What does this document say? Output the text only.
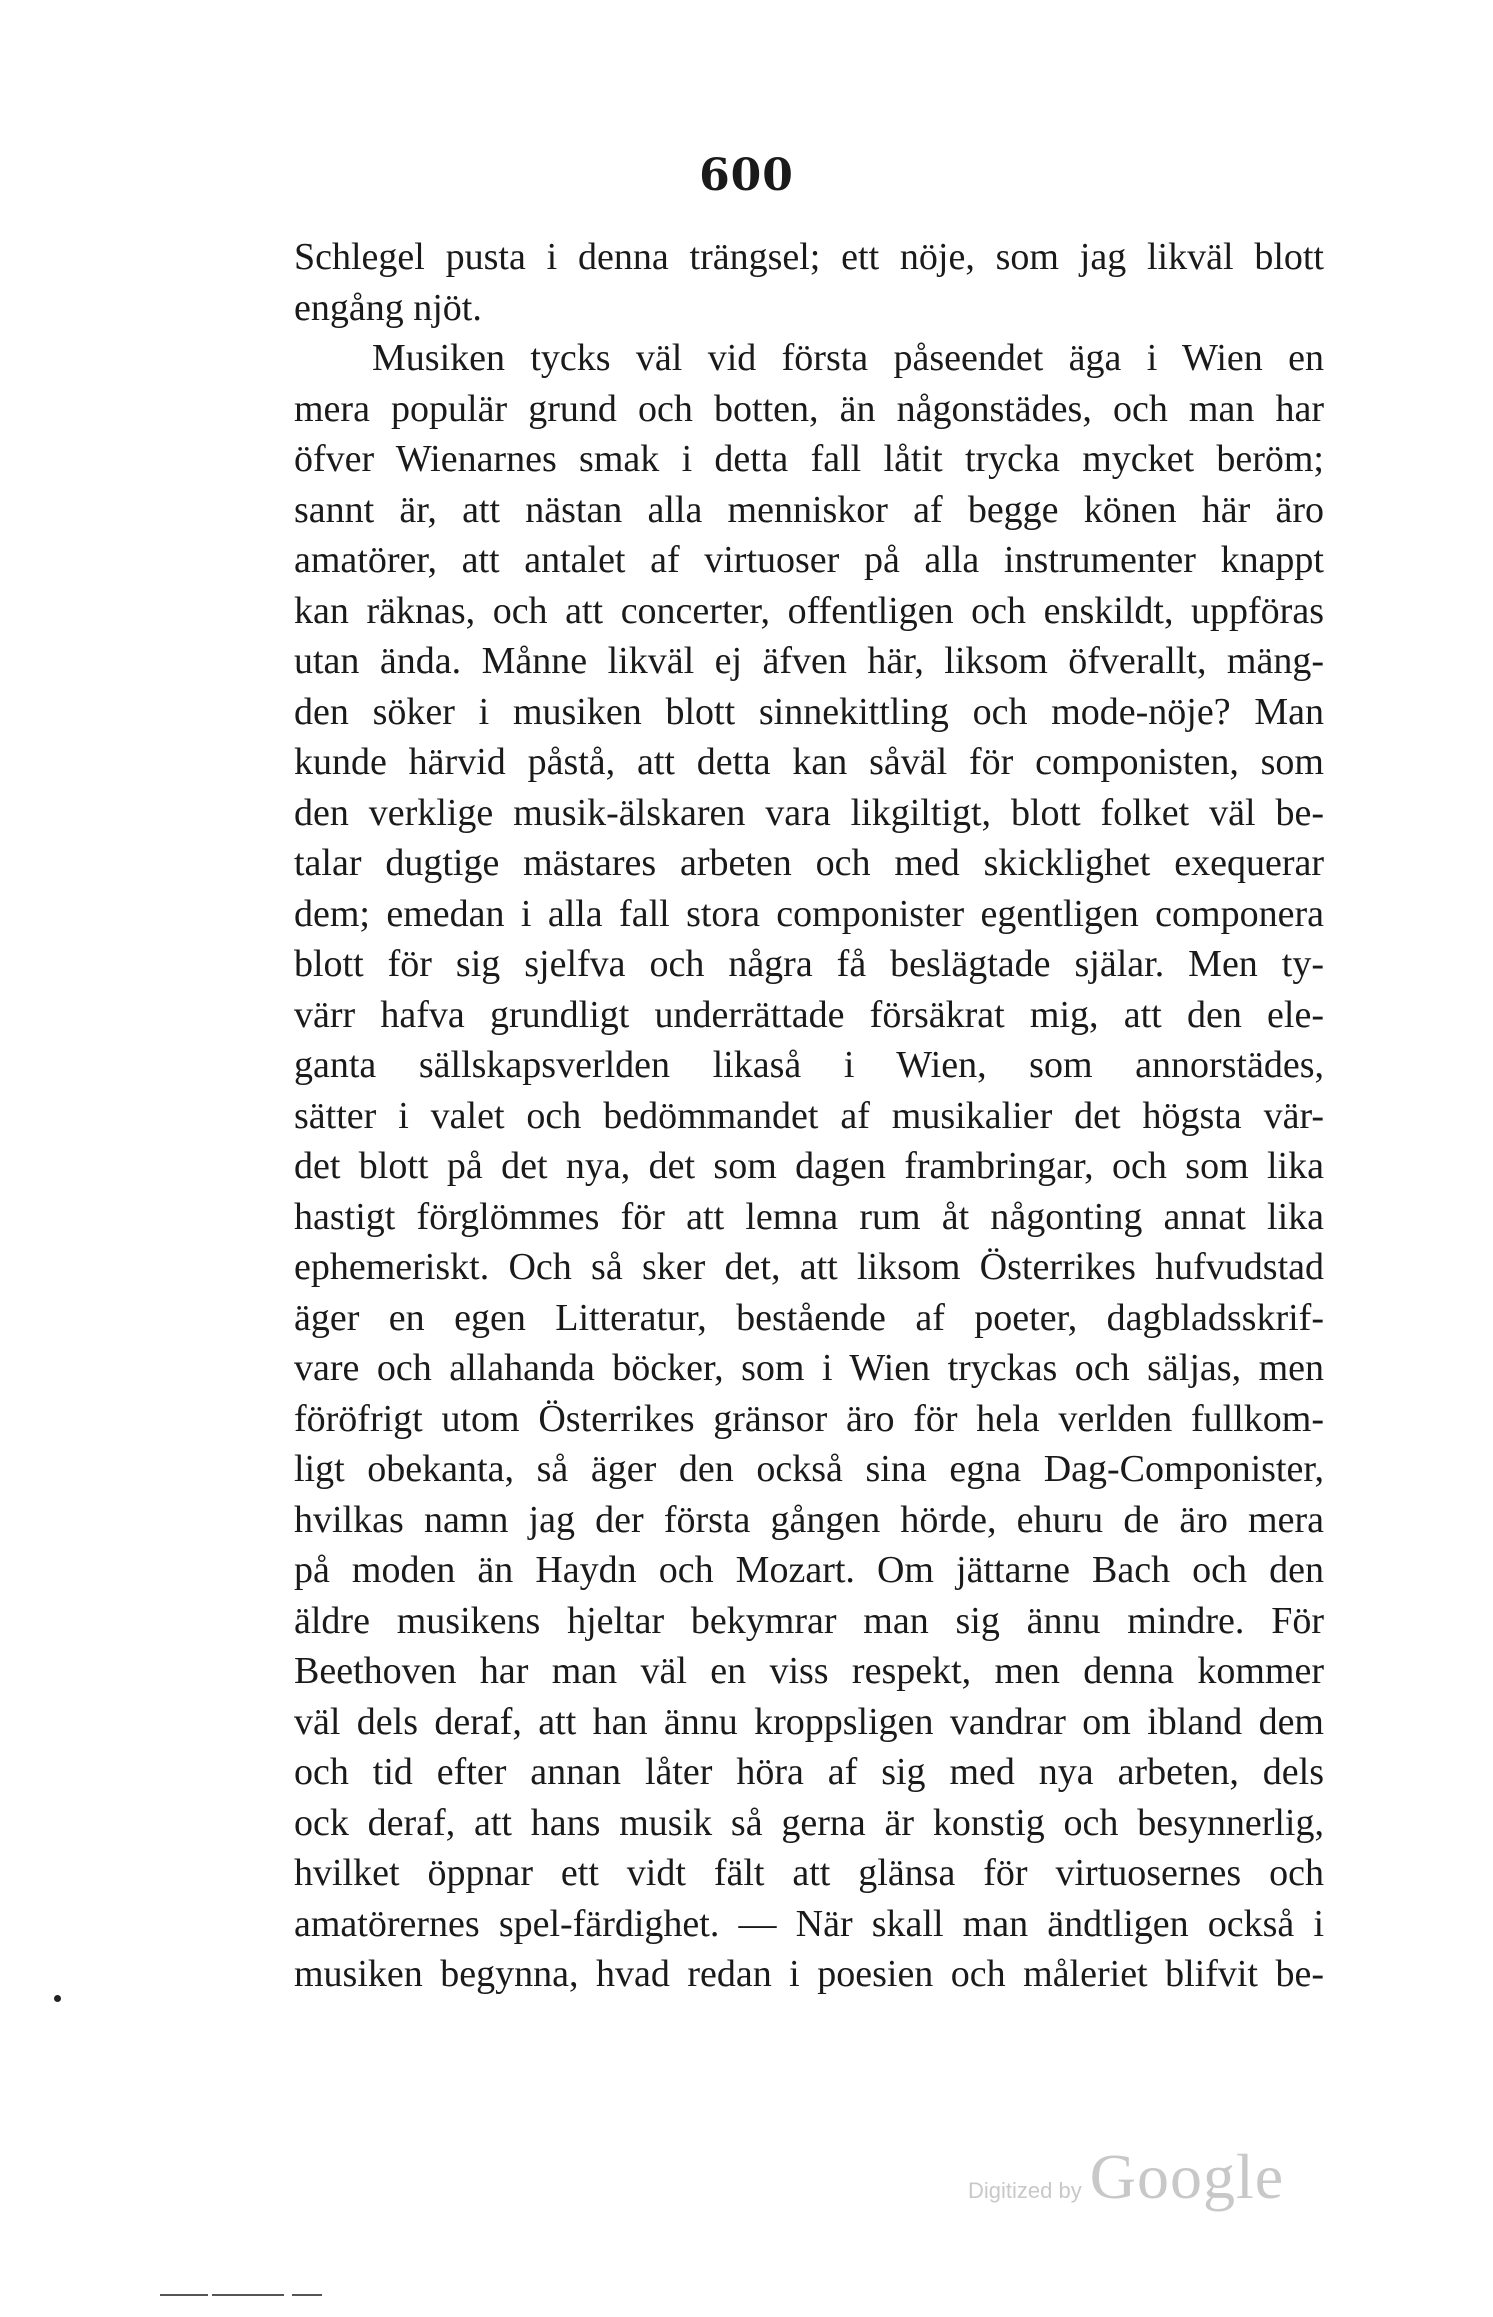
600
Schlegel pusta i denna trängsel; ett nöje, som jag likväl blott
engång njöt.
Musiken tycks väl vid första påseendet äga i Wien en
mera populär grund och botten, än någonstädes, och man har
öfver Wienarnes smak i detta fall låtit trycka mycket beröm;
sannt är, att nästan alla menniskor af begge könen här äro
amatörer, att antalet af virtuoser på alla instrumenter knappt
kan räknas, och att concerter, offentligen och enskildt, uppföras
utan ända. Månne likväl ej äfven här, liksom öfverallt, mäng-
den söker i musiken blott sinnekittling och mode-nöje? Man
kunde härvid påstå, att detta kan såväl för componisten, som
den verklige musik-älskaren vara likgiltigt, blott folket väl be-
talar dugtige mästares arbeten och med skicklighet exequerar
dem; emedan i alla fall stora componister egentligen componera
blott för sig sjelfva och några få beslägtade själar. Men ty-
värr hafva grundligt underrättade försäkrat mig, att den ele-
ganta sällskapsverlden likaså i Wien, som annorstädes,
sätter i valet och bedömmandet af musikalier det högsta vär-
det blott på det nya, det som dagen frambringar, och som lika
hastigt förglömmes för att lemna rum åt någonting annat lika
ephemeriskt. Och så sker det, att liksom Österrikes hufvudstad
äger en egen Litteratur, bestående af poeter, dagbladsskrif-
vare och allahanda böcker, som i Wien tryckas och säljas, men
föröfrigt utom Österrikes gränsor äro för hela verlden fullkom-
ligt obekanta, så äger den också sina egna Dag-Componister,
hvilkas namn jag der första gången hörde, ehuru de äro mera
på moden än Haydn och Mozart. Om jättarne Bach och den
äldre musikens hjeltar bekymrar man sig ännu mindre. För
Beethoven har man väl en viss respekt, men denna kommer
väl dels deraf, att han ännu kroppsligen vandrar om ibland dem
och tid efter annan låter höra af sig med nya arbeten, dels
ock deraf, att hans musik så gerna är konstig och besynnerlig,
hvilket öppnar ett vidt fält att glänsa för virtuosernes och
amatörernes spel-färdighet. — När skall man ändtligen också i
musiken begynna, hvad redan i poesien och måleriet blifvit be-
Digitized by Google
